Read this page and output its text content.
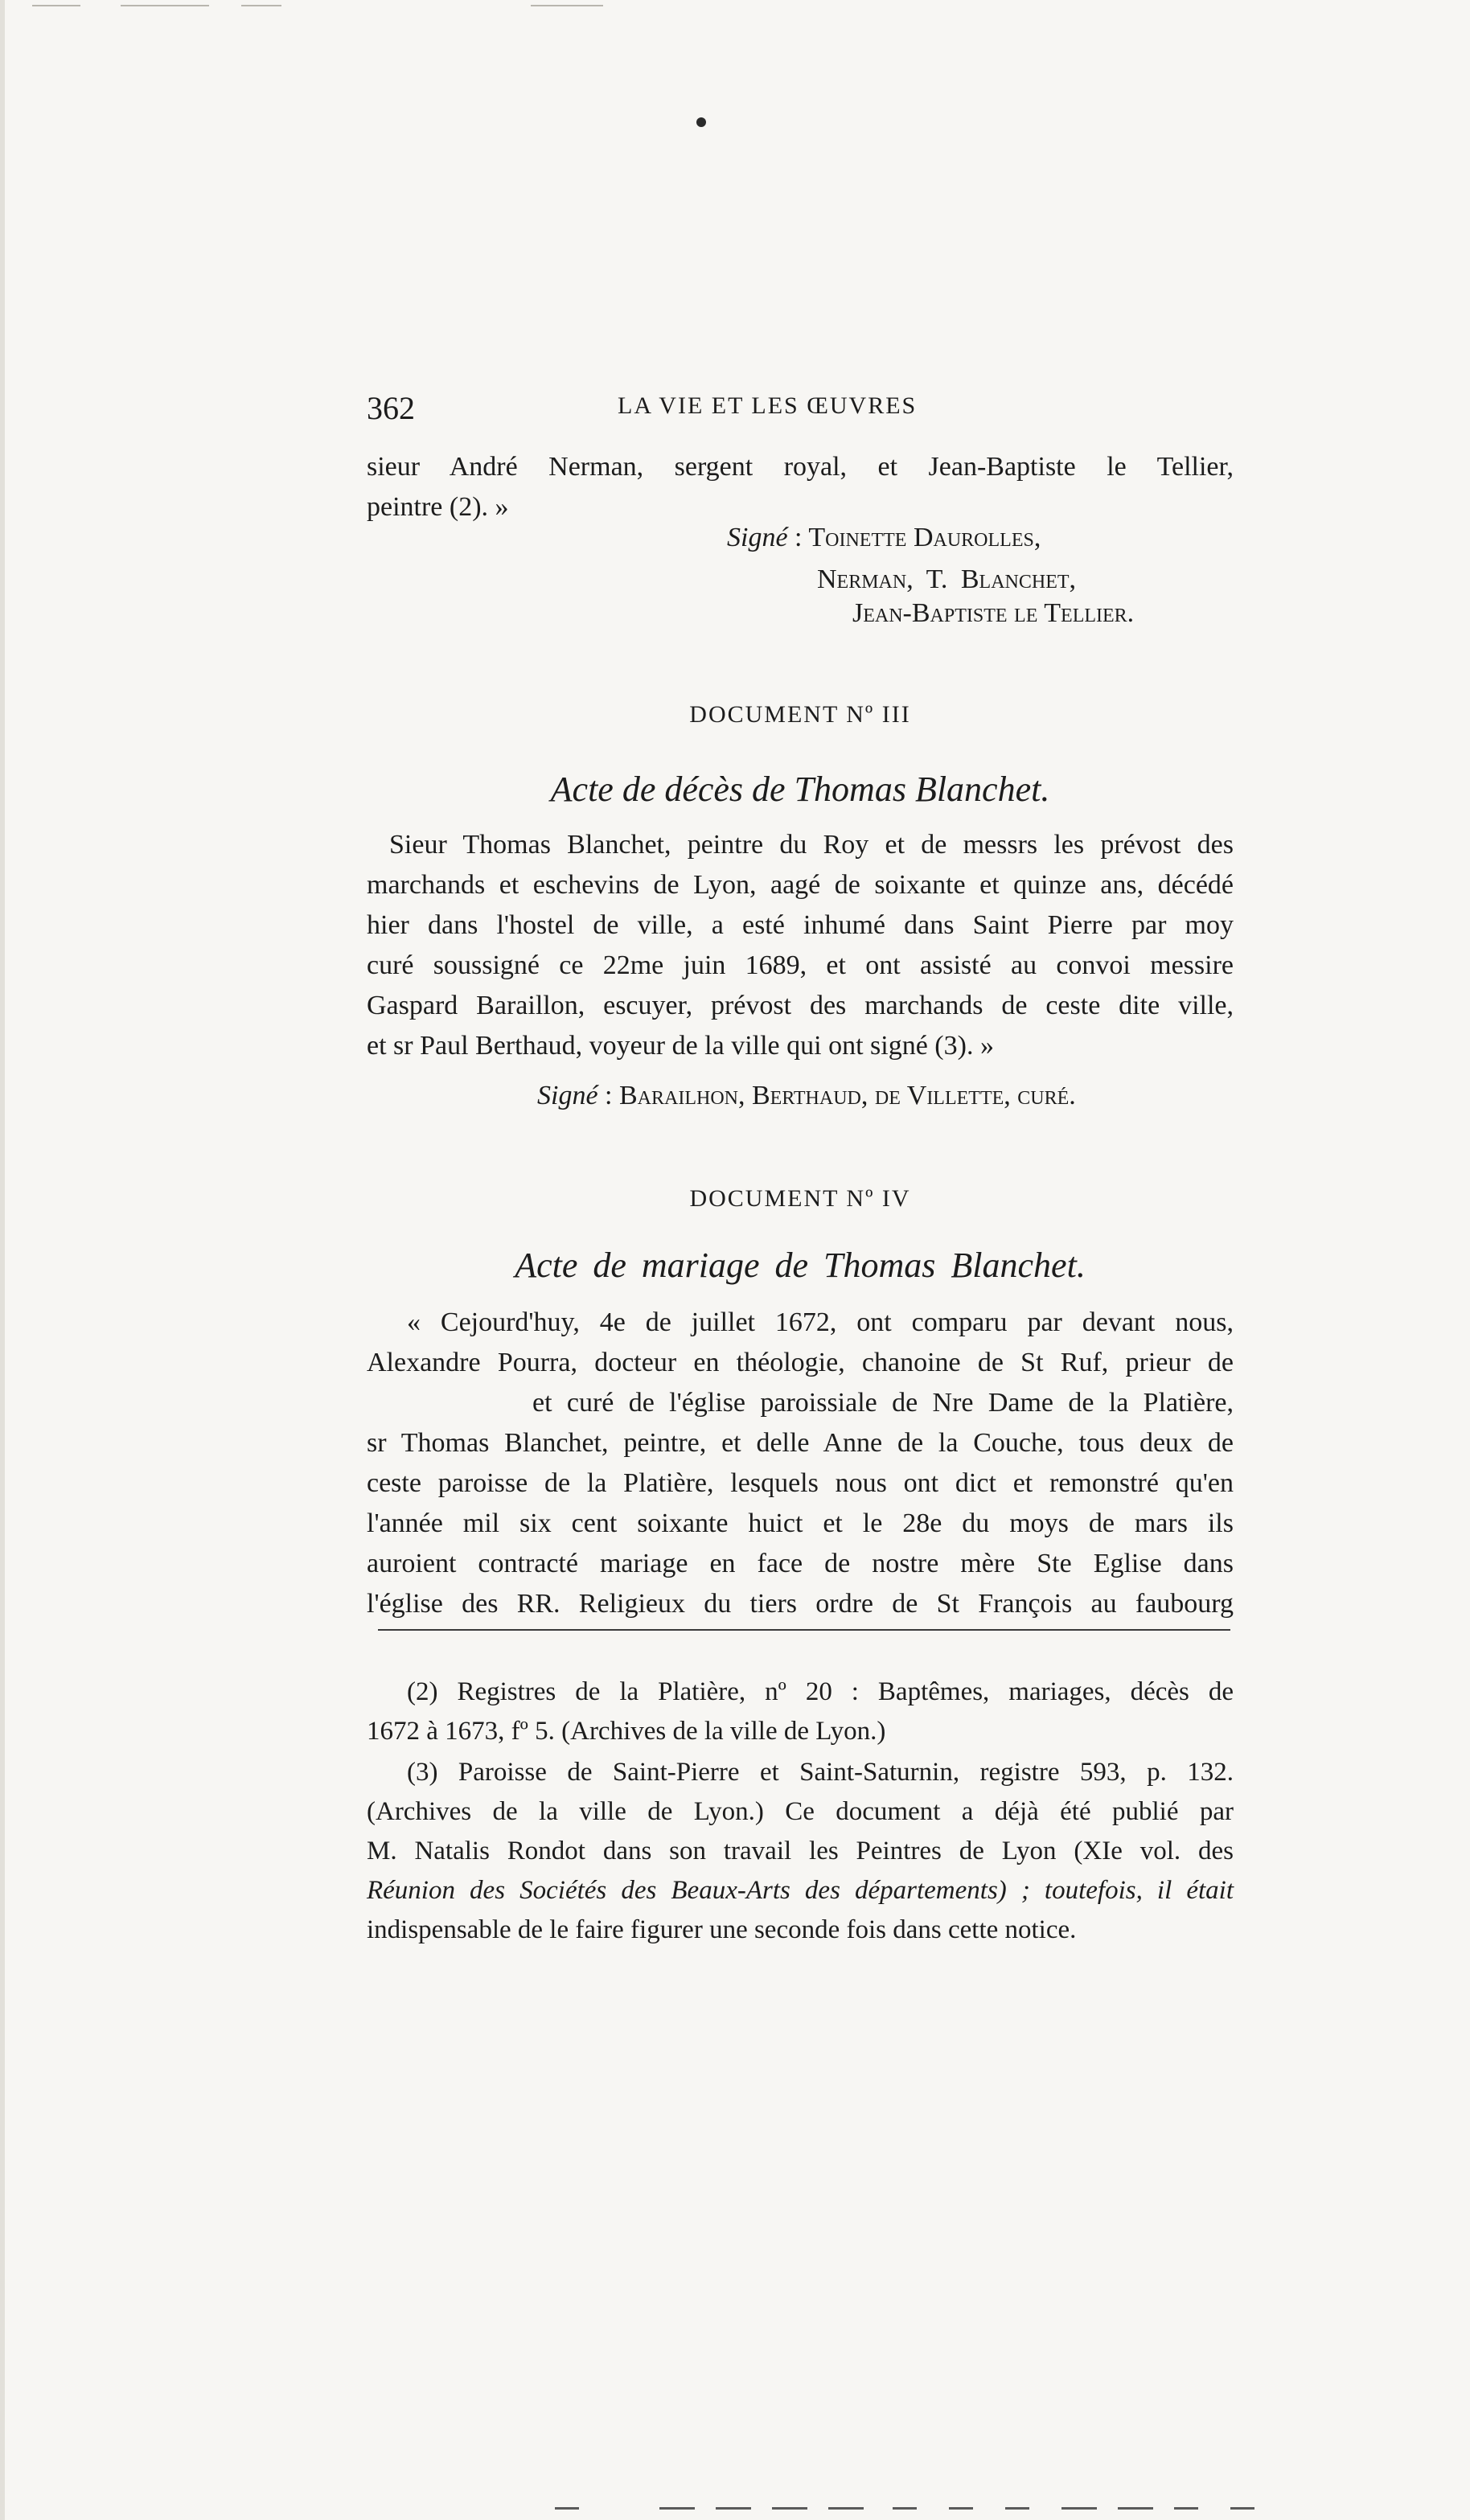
362	LA VIE ET LES ŒUVRES
sieur André Nerman, sergent royal, et Jean-Baptiste le Tellier,
peintre (2). »
Signé : Toinette Daurolles,
Nerman, T. Blanchet,
Jean-Baptiste le Tellier.
DOCUMENT Nº III
Acte de décès de Thomas Blanchet.
Sieur Thomas Blanchet, peintre du Roy et de messrs les prévost des
marchands et eschevins de Lyon, aagé de soixante et quinze ans, décédé
hier dans l'hostel de ville, a esté inhumé dans Saint Pierre par moy
curé soussigné ce 22me juin 1689, et ont assisté au convoi messire
Gaspard Baraillon, escuyer, prévost des marchands de ceste dite ville,
et sr Paul Berthaud, voyeur de la ville qui ont signé (3). »
Signé : Barailhon, Berthaud, de Villette, curé.
DOCUMENT Nº IV
Acte de mariage de Thomas Blanchet.
« Cejourd'huy, 4e de juillet 1672, ont comparu par devant nous,
Alexandre Pourra, docteur en théologie, chanoine de St Ruf, prieur de
et curé de l'église paroissiale de Nre Dame de la Platière,
sr Thomas Blanchet, peintre, et delle Anne de la Couche, tous deux de
ceste paroisse de la Platière, lesquels nous ont dict et remonstré qu'en
l'année mil six cent soixante huict et le 28e du moys de mars ils
auroient contracté mariage en face de nostre mère Ste Eglise dans
l'église des RR. Religieux du tiers ordre de St François au faubourg
(2) Registres de la Platière, nº 20 : Baptêmes, mariages, décès de
1672 à 1673, fº 5. (Archives de la ville de Lyon.)
(3) Paroisse de Saint-Pierre et Saint-Saturnin, registre 593, p. 132.
(Archives de la ville de Lyon.) Ce document a déjà été publié par
M. Natalis Rondot dans son travail les Peintres de Lyon (XIe vol. des
Réunion des Sociétés des Beaux-Arts des départements) ; toutefois, il était
indispensable de le faire figurer une seconde fois dans cette notice.
